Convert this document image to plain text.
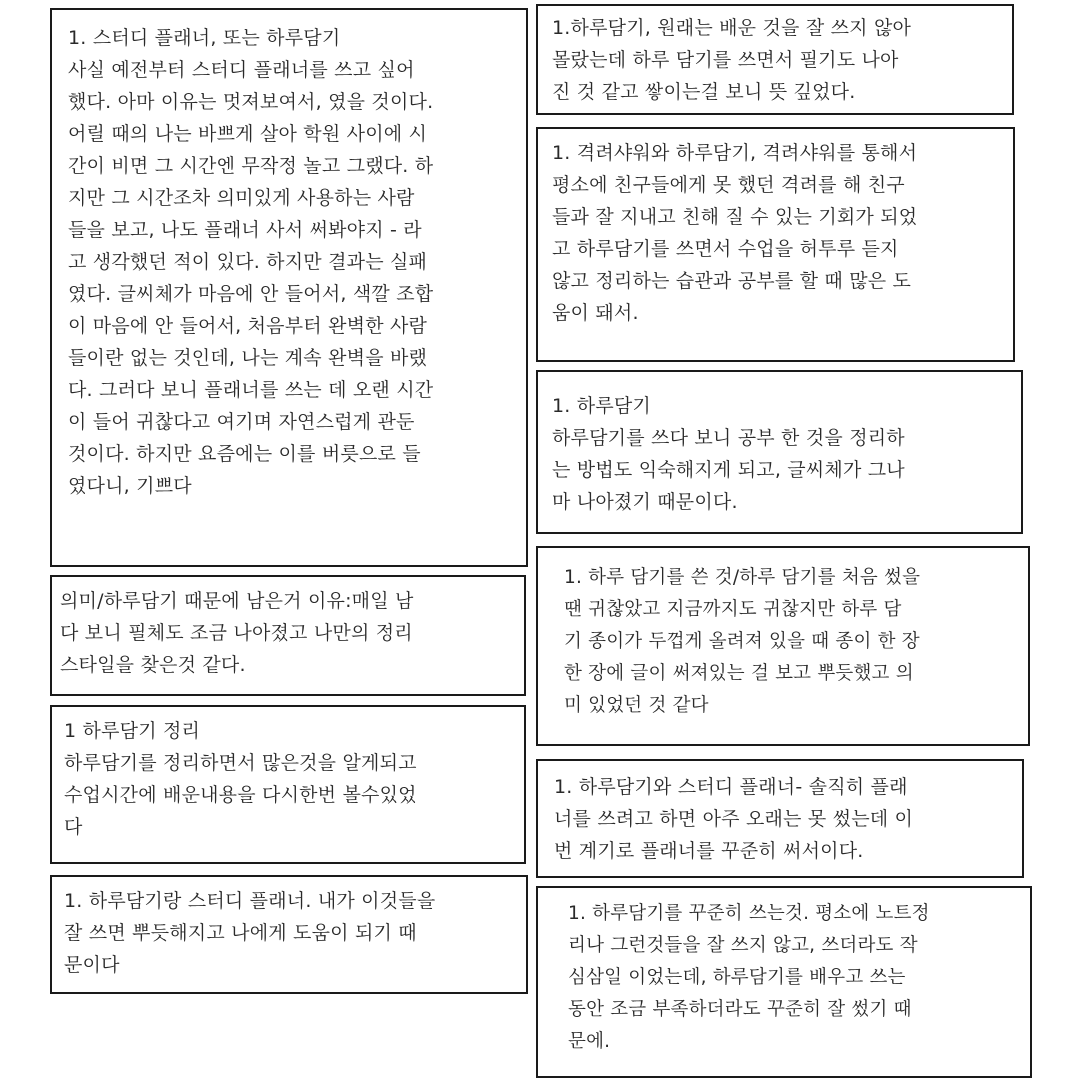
1. 스터디 플래너, 또는 하루담기
사실 예전부터 스터디 플래너를 쓰고 싶어
했다. 아마 이유는 멋져보여서, 였을 것이다.
어릴 때의 나는 바쁘게 살아 학원 사이에 시
간이 비면 그 시간엔 무작정 놀고 그랬다. 하
지만 그 시간조차 의미있게 사용하는 사람
들을 보고, 나도 플래너 사서 써봐야지 - 라
고 생각했던 적이 있다. 하지만 결과는 실패
였다. 글씨체가 마음에 안 들어서, 색깔 조합
이 마음에 안 들어서, 처음부터 완벽한 사람
들이란 없는 것인데, 나는 계속 완벽을 바랬
다. 그러다 보니 플래너를 쓰는 데 오랜 시간
이 들어 귀찮다고 여기며 자연스럽게 관둔
것이다. 하지만 요즘에는 이를 버릇으로 들
였다니, 기쁘다

의미/하루담기 때문에 남은거 이유:매일 남
다 보니 필체도 조금 나아졌고 나만의 정리
스타일을 찾은것 같다.

1 하루담기 정리
하루담기를 정리하면서 많은것을 알게되고
수업시간에 배운내용을 다시한번 볼수있었
다

1. 하루담기랑 스터디 플래너. 내가 이것들을
잘 쓰면 뿌듯해지고 나에게 도움이 되기 때
문이다

1.하루담기, 원래는 배운 것을 잘 쓰지 않아
몰랐는데 하루 담기를 쓰면서 필기도 나아
진 것 같고 쌓이는걸 보니 뜻 깊었다.

1. 격려샤워와 하루담기, 격려샤워를 통해서
평소에 친구들에게 못 했던 격려를 해 친구
들과 잘 지내고 친해 질 수 있는 기회가 되었
고 하루담기를 쓰면서 수업을 허투루 듣지
않고 정리하는 습관과 공부를 할 때 많은 도
움이 돼서.

1. 하루담기
하루담기를 쓰다 보니 공부 한 것을 정리하
는 방법도 익숙해지게 되고, 글씨체가 그나
마 나아졌기 때문이다.

1. 하루 담기를 쓴 것/하루 담기를 처음 썼을
땐 귀찮았고 지금까지도 귀찮지만 하루 담
기 종이가 두껍게 올려져 있을 때 종이 한 장
한 장에 글이 써져있는 걸 보고 뿌듯했고 의
미 있었던 것 같다

1. 하루담기와 스터디 플래너- 솔직히 플래
너를 쓰려고 하면 아주 오래는 못 썼는데 이
번 계기로 플래너를 꾸준히 써서이다.

1. 하루담기를 꾸준히 쓰는것. 평소에 노트정
리나 그런것들을 잘 쓰지 않고, 쓰더라도 작
심삼일 이었는데, 하루담기를 배우고 쓰는
동안 조금 부족하더라도 꾸준히 잘 썼기 때
문에.
